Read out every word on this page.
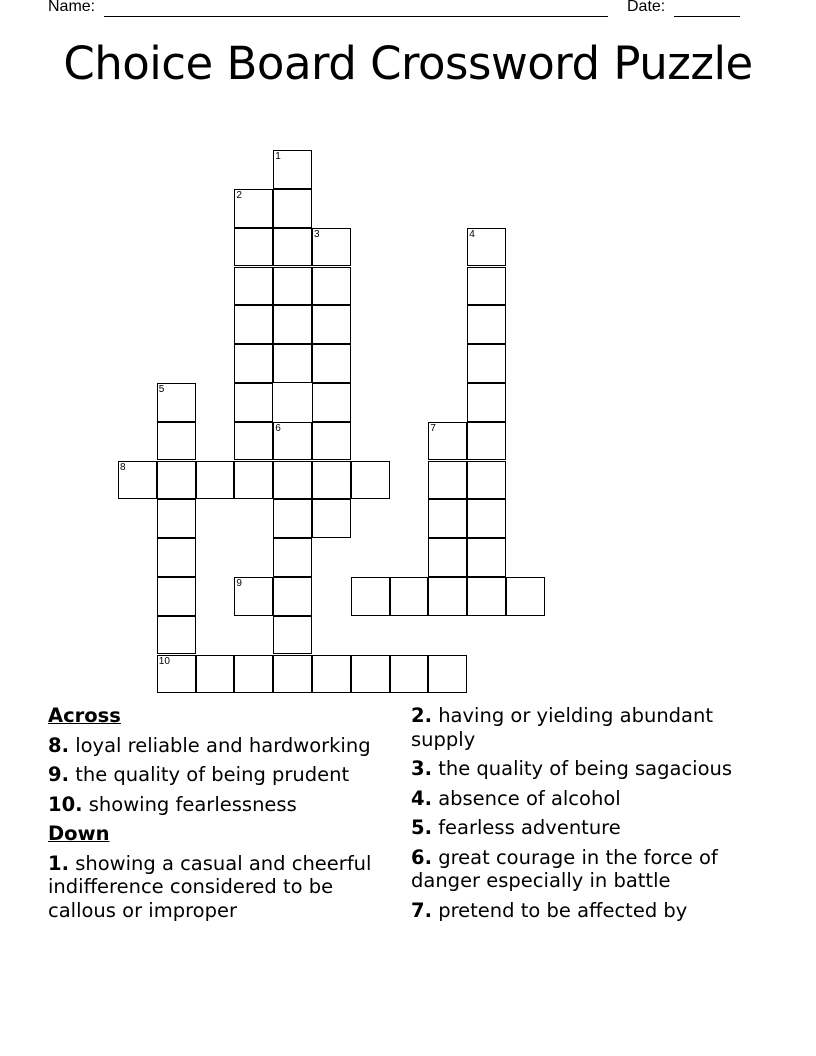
Name:	Date:
Choice Board Crossword Puzzle
1
2
3	4
5
6	7
8
9
10
Across
8. loyal reliable and hardworking
9. the quality of being prudent
10. showing fearlessness
Down
1. showing a casual and cheerful indifference considered to be callous or improper
2. having or yielding abundant supply
3. the quality of being sagacious
4. absence of alcohol
5. fearless adventure
6. great courage in the force of danger especially in battle
7. pretend to be affected by
